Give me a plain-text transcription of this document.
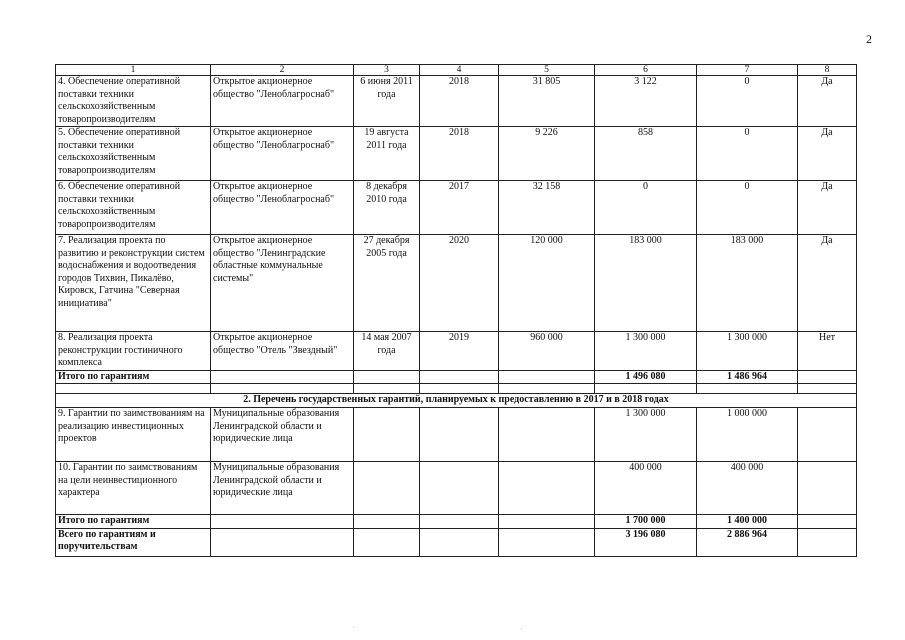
2
1	2	3	4	5	6	7	8
4. Обеспечение оперативной поставки техники сельскохозяйственным товаропроизводителям	Открытое акционерное общество "Леноблагроснаб"	6 июня 2011 года	2018	31 805	3 122	0	Да
5. Обеспечение оперативной поставки техники сельскохозяйственным товаропроизводителям	Открытое акционерное общество "Леноблагроснаб"	19 августа 2011 года	2018	9 226	858	0	Да
6. Обеспечение оперативной поставки техники сельскохозяйственным товаропроизводителям	Открытое акционерное общество "Леноблагроснаб"	8 декабря 2010 года	2017	32 158	0	0	Да
7. Реализация проекта по развитию и реконструкции систем водоснабжения и водоотведения городов Тихвин, Пикалёво, Кировск, Гатчина "Северная инициатива"	Открытое акционерное общество "Ленинградские областные коммунальные системы"	27 декабря 2005 года	2020	120 000	183 000	183 000	Да
8. Реализация проекта реконструкции гостиничного комплекса	Открытое акционерное общество "Отель "Звездный"	14 мая 2007 года	2019	960 000	1 300 000	1 300 000	Нет
Итого по гарантиям					1 496 080	1 486 964	

2. Перечень государственных гарантий, планируемых к предоставлению в 2017 и в 2018 годах							
9. Гарантии по заимствованиям на реализацию инвестиционных проектов	Муниципальные образования Ленинградской области и юридические лица				1 300 000	1 000 000	
10. Гарантии по заимствованиям на цели неинвестиционного характера	Муниципальные образования Ленинградской области и юридические лица				400 000	400 000	
Итого по гарантиям					1 700 000	1 400 000	
Всего по гарантиям и поручительствам					3 196 080	2 886 964	
·	·
